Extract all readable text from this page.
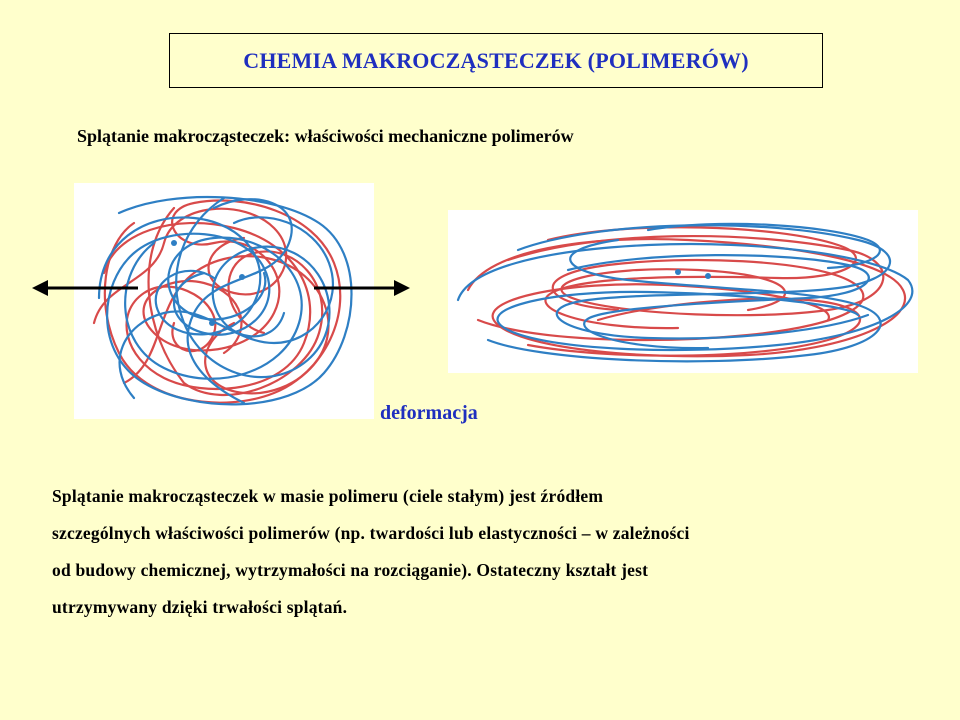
CHEMIA MAKROCZĄSTECZEK (POLIMERÓW)
Splątanie makrocząsteczek: właściwości mechaniczne polimerów
deformacja
Splątanie makrocząsteczek w masie polimeru (ciele stałym) jest źródłem
szczególnych właściwości polimerów (np. twardości lub elastyczności – w zależności
od budowy chemicznej, wytrzymałości na rozciąganie). Ostateczny kształt jest
utrzymywany dzięki trwałości splątań.
